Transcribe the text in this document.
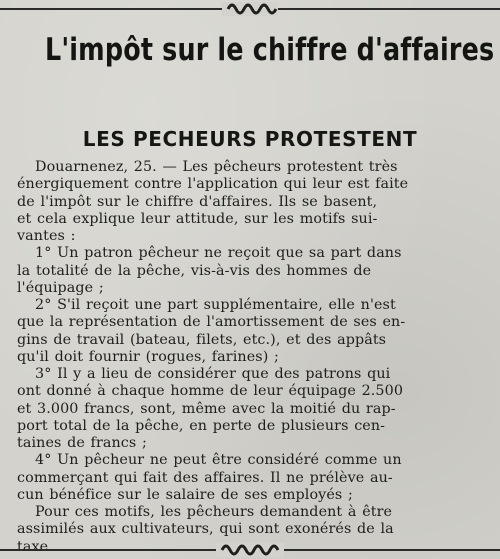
L'impôt sur le chiffre d'affaires
LES PECHEURS PROTESTENT
Douarnenez, 25. — Les pêcheurs protestent très
énergiquement contre l'application qui leur est faite
de l'impôt sur le chiffre d'affaires. Ils se basent,
et cela explique leur attitude, sur les motifs sui-
vantes :
1° Un patron pêcheur ne reçoit que sa part dans
la totalité de la pêche, vis-à-vis des hommes de
l'équipage ;
2° S'il reçoit une part supplémentaire, elle n'est
que la représentation de l'amortissement de ses en-
gins de travail (bateau, filets, etc.), et des appâts
qu'il doit fournir (rogues, farines) ;
3° Il y a lieu de considérer que des patrons qui
ont donné à chaque homme de leur équipage 2.500
et 3.000 francs, sont, même avec la moitié du rap-
port total de la pêche, en perte de plusieurs cen-
taines de francs ;
4° Un pêcheur ne peut être considéré comme un
commerçant qui fait des affaires. Il ne prélève au-
cun bénéfice sur le salaire de ses employés ;
Pour ces motifs, les pêcheurs demandent à être
assimilés aux cultivateurs, qui sont exonérés de la
taxe.
